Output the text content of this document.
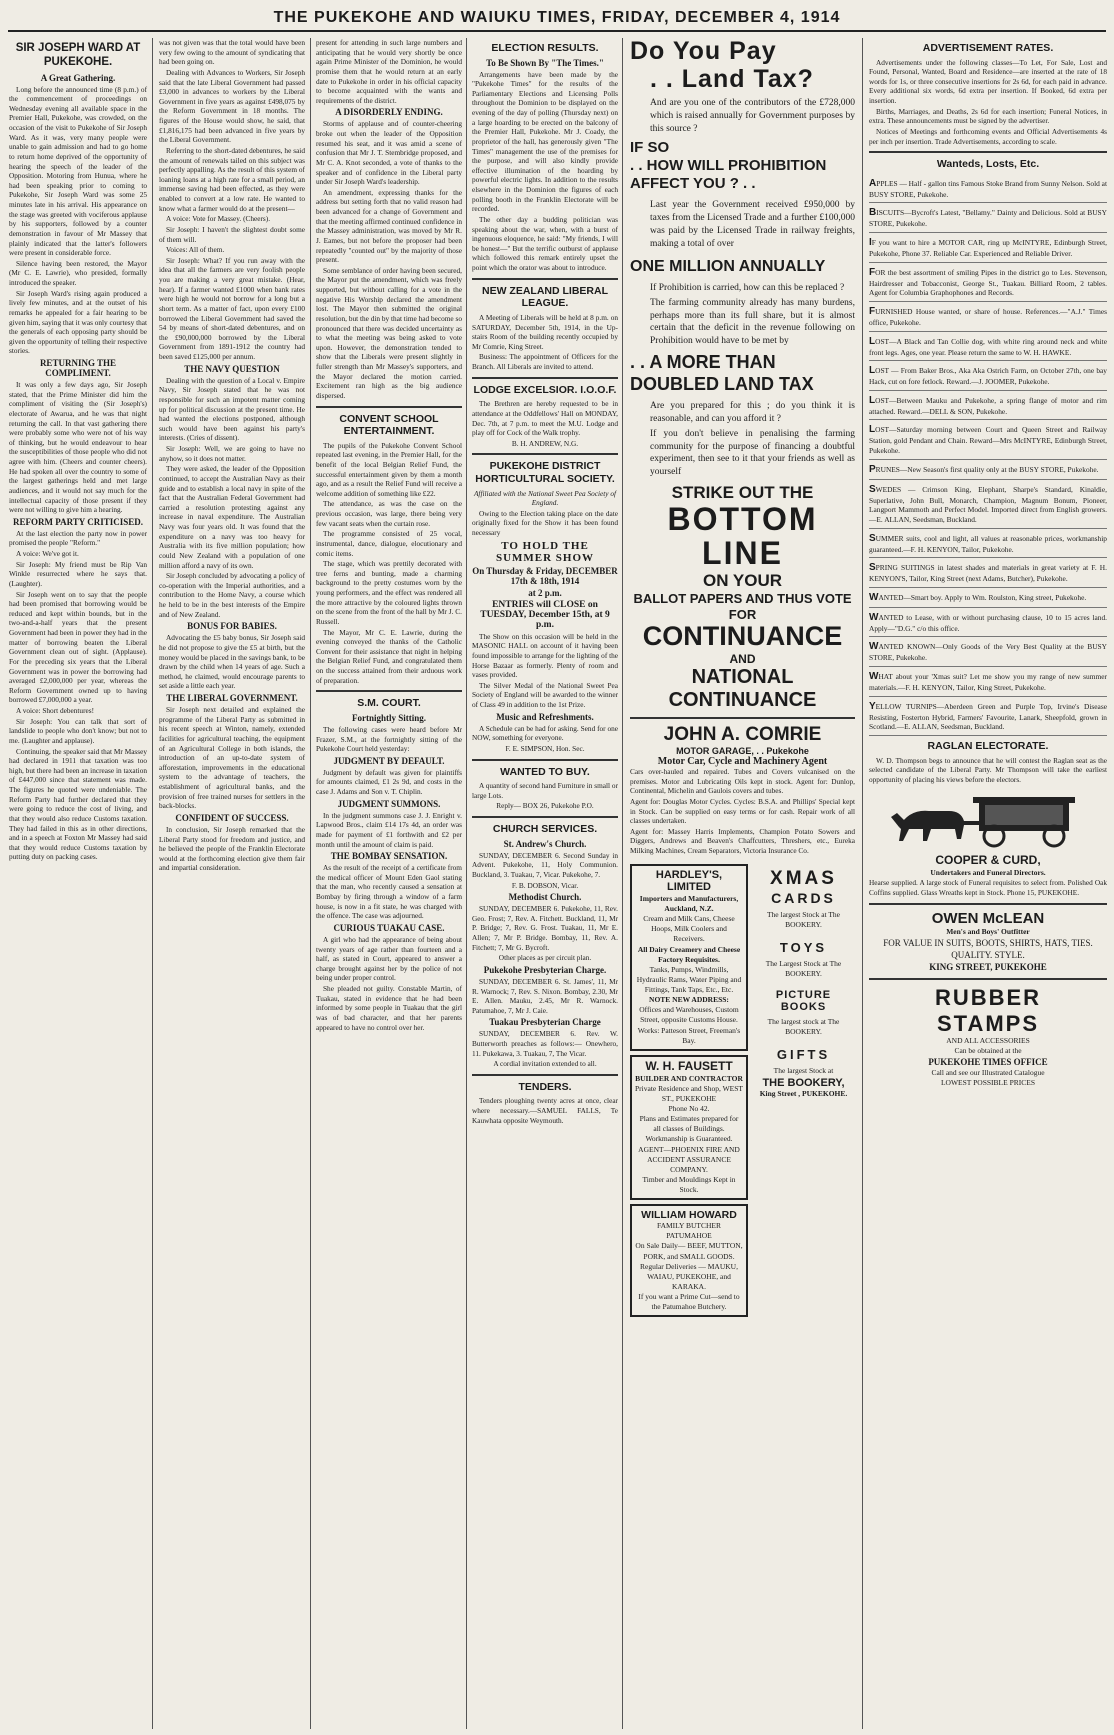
THE PUKEKOHE AND WAIUKU TIMES, FRIDAY, DECEMBER 4, 1914
SIR JOSEPH WARD AT PUKEKOHE.
A Great Gathering.

Long before the announced time (8 p.m.) of the commencement of proceedings on Wednesday evening all available space in the Premier Hall, Pukekohe, was crowded, on the occasion of the visit to Pukekohe of Sir Joseph Ward. As it was, very many people were unable to gain admission and had to go home to return home deprived of the opportunity of hearing the speech of the leader of the Opposition. Motoring from Hunua, where he had been speaking prior to coming to Pukekohe, Sir Joseph Ward was some 25 minutes late in his arrival. His appearance on the stage was greeted with vociferous applause by his supporters, followed by a counter demonstration in favour of Mr Massey that plainly indicated that the latter's followers were present in considerable force.

Silence having been restored, the Mayor (Mr C. E. Lawrie), who presided, formally introduced the speaker.

Sir Joseph Ward's rising again produced a lively few minutes, and at the outset of his remarks he appealed for a fair hearing to be given him, saying that it was only courtesy that the generals of each opposing party should be given the opportunity of telling their respective stories.

RETURNING THE COMPLIMENT.

It was only a few days ago, Sir Joseph stated, that the Prime Minister did him the compliment of visiting the (Sir Joseph's) electorate of Awarua, and he was that night returning the call. In that vast gathering there were probably some who were not of his way of thinking, but he would endeavour to hear the susceptibilities of those people who did not agree with him. (Cheers and counter cheers). He had spoken all over the country to some of the largest gatherings held and met large audiences, and it would not say much for the intellectual capacity of those present if they were not willing to give him a hearing.

REFORM PARTY CRITICISED.

At the last election the party now in power promised the people "Reform."

A voice: We've got it.

Sir Joseph: My friend must be Rip Van Winkle resurrected where he says that. (Laughter).

Sir Joseph went on to say that the people had been promised that borrowing would be reduced and kept within bounds, but in the two-and-a-half years that the present Government had been in power they had in the matter of borrowing beaten the Liberal Government clean out of sight. (Applause). For the preceding six years that the Liberal Government was in power the borrowing had averaged £2,000,000 per year, whereas the Reform Government owned up to having borrowed £7,000,000 a year.

A voice: Short debentures!

Sir Joseph: You can talk that sort of landslide to people who don't know; but not to me. (Laughter and applause).

Continuing, the speaker said that Mr Massey had declared in 1911 that taxation was too high, but there had been an increase in taxation of £447,000 since that statement was made. The figures he quoted were undeniable. The Reform Party had further declared that they were going to reduce the cost of living, and that they would also reduce Customs taxation. They had failed in this as in other directions, and in a speech at Foxton Mr Massey had said that they would reduce Customs taxation by putting duty on packing cases.

was not given was that the total would have been very few owing to the amount of syndicating that had been going on.

Dealing with Advances to Workers, Sir Joseph said that the late Liberal Government had passed £3,000 in advances to workers by the Liberal Government in five years as against £498,075 by the Reform Government in 18 months. The figures of the House would show, he said, that £1,816,175 had been advanced in five years by the Liberal Government.

Referring to the short-dated debentures, he said the amount of renewals tailed on this subject was perfectly appalling. As the result of this system of loaning loans at a high rate for a small period, an immense saving had been effected, as they were enabled to convert at a low rate. He wanted to know what a farmer would do at the present—

A voice: Vote for Massey. (Cheers).

Sir Joseph: I haven't the slightest doubt some of them will.

Voices: All of them.

Sir Joseph: What? If you run away with the idea that all the farmers are very foolish people you are making a very great mistake. (Hear, hear). If a farmer wanted £1000 when bank rates were high he would not borrow for a long but a short term. As a matter of fact, upon every £100 borrowed the Liberal Government had saved the 54 by means of short-dated debentures, and on the £90,000,000 borrowed by the Liberal Government from 1891-1912 the country had been saved £125,000 per annum.

THE NAVY QUESTION

Dealing with the question of a Local v. Empire Navy, Sir Joseph stated that he was not responsible for such an impotent matter coming up for political discussion at the present time. He had wanted the elections postponed, although such would have been against his party's interests. (Cries of dissent).

Sir Joseph: Well, we are going to have no anyhow, so it does not matter.

They were asked, the leader of the Opposition continued, to accept the Australian Navy as their guide and to establish a local navy in spite of the fact that the Australian Federal Government had carried a resolution protesting against any increase in naval expenditure. The Australian Navy was four years old. It was found that the expenditure on a navy was too heavy for Australia with its five million population; how could New Zealand with a population of one million afford a navy of its own.

Sir Joseph concluded by advocating a policy of co-operation with the Imperial authorities, and a contribution to the Home Navy, a course which he held to be in the best interests of the Empire and of New Zealand.

BONUS FOR BABIES.

Advocating the £5 baby bonus, Sir Joseph said he did not propose to give the £5 at birth, but the money would be placed in the savings bank, to be drawn by the child when 14 years of age. Such a method, he claimed, would encourage parents to set aside a little each year.

THE LIBERAL GOVERNMENT.

Sir Joseph next detailed and explained the programme of the Liberal Party as submitted in his recent speech at Winton, namely, extended facilities for agricultural teaching, the equipment of an Agricultural College in both islands, the introduction of an up-to-date system of afforestation, improvements in the educational system to the advantage of teachers, the establishment of agricultural banks, and the provision of free trained nurses for settlers in the back-blocks.

CONFIDENT OF SUCCESS.

In conclusion, Sir Joseph remarked that the Liberal Party stood for freedom and justice, and he believed the people of the Franklin Electorate would at the forthcoming election give them fair and impartial consideration.

present for attending in such large numbers and anticipating that he would very shortly be once again Prime Minister of the Dominion, he would promise them that he would return at an early date to Pukekohe in order in his official capacity to become acquainted with the wants and requirements of the district.

A DISORDERLY ENDING.

Storms of applause and of counter-cheering broke out when the leader of the Opposition resumed his seat, and it was amid a scene of confusion that Mr J. T. Stembridge proposed, and Mr C. A. Knot seconded, a vote of thanks to the speaker and of confidence in the Liberal party under Sir Joseph Ward's leadership.

An amendment, expressing thanks for the address but setting forth that no valid reason had been advanced for a change of Government and that the meeting affirmed continued confidence in the Massey administration, was moved by Mr R. J. Eames, but not before the proposer had been repeatedly "counted out" by the majority of those present.

Some semblance of order having been secured, the Mayor put the amendment, which was freely supported, but without calling for a vote in the negative His Worship declared the amendment lost. The Mayor then submitted the original resolution, but the din by that time had become so pronounced that there was decided uncertainty as to what the meeting was being asked to vote upon. However, the demonstration tended to show that the Liberals were present slightly in fuller strength than Mr Massey's supporters, and the Mayor declared the motion carried. Excitement ran high as the big audience dispersed.

CONVENT SCHOOL ENTERTAINMENT.

The pupils of the Pukekohe Convent School repeated last evening, in the Premier Hall, for the benefit of the local Belgian Relief Fund, the successful entertainment given by them a month ago, and as a result the Relief Fund will receive a welcome addition of something like £22.

The attendance, as was the case on the previous occasion, was large, there being very few vacant seats when the curtain rose.

The programme consisted of 25 vocal, instrumental, dance, dialogue, elocutionary and comic items.

The stage, which was prettily decorated with tree ferns and bunting, made a charming background to the pretty costumes worn by the young performers, and the effect was rendered all the more attractive by the coloured lights thrown on the scene from the front of the hall by Mr J. C. Russell.

The Mayor, Mr C. E. Lawrie, during the evening conveyed the thanks of the Catholic Convent for their assistance that night in helping the Belgian Relief Fund, and congratulated them on the success attained from their arduous work of preparation.

S.M. COURT.
Fortnightly Sitting.

The following cases were heard before Mr Frazer, S.M., at the fortnightly sitting of the Pukekohe Court held yesterday:

JUDGMENT BY DEFAULT.

Judgment by default was given for plaintiffs for amounts claimed, £1 2s 9d, and costs in the case J. Adams and Son v. T. Chiplin.

JUDGMENT SUMMONS.

In the judgment summons case J. J. Enright v. Lapwood Bros., claim £14 17s 4d, an order was made for payment of £1 forthwith and £2 per month until the amount of claim is paid.

THE BOMBAY SENSATION.

As the result of the receipt of a certificate from the medical officer of Mount Eden Gaol stating that the man, who recently caused a sensation at Bombay by firing through a window of a farm house, is now in a fit state, he was charged with the offence. The case was adjourned.

CURIOUS TUAKAU CASE.

A girl who had the appearance of being about twenty years of age rather than fourteen and a half, as stated in Court, appeared to answer a charge brought against her by the police of not being under proper control.

She pleaded not guilty. Constable Martin, of Tuakau, stated in evidence that he had been informed by some people in Tuakau that the girl was of bad character, and that her parents appeared to have no control over her.

ELECTION RESULTS.
To Be Shown By "The Times."

Arrangements have been made by the "Pukekohe Times" for the results of the Parliamentary Elections and Licensing Polls throughout the Dominion to be displayed on the evening of the day of polling (Thursday next) on a large hoarding to be erected on the balcony of the Premier Hall, Pukekohe. Mr J. Coady, the proprietor of the hall, has generously given "The Times" management the use of the premises for the purpose, and will also kindly provide effective illumination of the hoarding by powerful electric lights. In addition to the results elsewhere in the Dominion the figures of each polling booth in the Franklin Electorate will be recorded.

The other day a budding politician was speaking about the war, when, with a burst of ingenuous eloquence, he said: "My friends, I will be honest—" But the terrific outburst of applause which followed this remark entirely upset the point which the orator was about to introduce.

NEW ZEALAND LIBERAL LEAGUE.

A Meeting of Liberals will be held at 8 p.m. on SATURDAY, December 5th, 1914, in the Up-stairs Room of the building recently occupied by Mr Comrie, King Street.

Business: The appointment of Officers for the Branch. All Liberals are invited to attend.

LODGE EXCELSIOR. I.O.O.F.

The Brethren are hereby requested to be in attendance at the Oddfellows' Hall on MONDAY, Dec. 7th, at 7 p.m. to meet the M.U. Lodge and play off for Cock of the Walk trophy.

B. H. ANDREW, N.G.

PUKEKOHE DISTRICT HORTICULTURAL SOCIETY.

Affiliated with the National Sweet Pea Society of England.

Owing to the Election taking place on the date originally fixed for the Show it has been found necessary

TO HOLD THE SUMMER SHOW
On Thursday & Friday, DECEMBER 17th & 18th, 1914
at 2 p.m.
ENTRIES will CLOSE on TUESDAY, December 15th, at 9 p.m.

The Show on this occasion will be held in the MASONIC HALL on account of it having been found impossible to arrange for the lighting of the Horse Bazaar as formerly. Plenty of room and vases provided.

The Silver Medal of the National Sweet Pea Society of England will be awarded to the winner of Class 49 in addition to the 1st Prize.

Music and Refreshments.

A Schedule can be had for asking. Send for one NOW, something for everyone.

F. E. SIMPSON, Hon. Sec.

WANTED TO BUY.

A quantity of second hand Furniture in small or large Lots.

Reply— BOX 26, Pukekohe P.O.

CHURCH SERVICES.
St. Andrew's Church.

SUNDAY, DECEMBER 6. Second Sunday in Advent. Pukekohe, 11, Holy Communion. Buckland, 3. Tuakau, 7, Vicar. Pukekohe, 7.

F. B. DOBSON, Vicar.

Methodist Church.

SUNDAY, DECEMBER 6. Pukekohe, 11, Rev. Geo. Frost; 7, Rev. A. Fitchett. Buckland, 11, Mr P. Bridge; 7, Rev. G. Frost. Tuakau, 11, Mr E. Allen; 7, Mr P. Bridge. Bombay, 11, Rev. A. Fitchett; 7, Mr G. Bycroft.

Other places as per circuit plan.

Pukekohe Presbyterian Charge.

SUNDAY, DECEMBER 6. St. James', 11, Mr R. Warnock; 7, Rev. S. Nixon. Bombay, 2.30, Mr E. Allen. Mauku, 2.45, Mr R. Warnock. Patumahoe, 7, Mr J. Caie.

Tuakau Presbyterian Charge

SUNDAY, DECEMBER 6. Rev. W. Butterworth preaches as follows:— Onewhero, 11. Pukekawa, 3. Tuakau, 7, The Vicar.

A cordial invitation extended to all.

TENDERS.

Tenders ploughing twenty acres at once, clear where necessary.—SAMUEL FALLS, Te Kauwhata opposite Weymouth.

Do You Pay
. . Land Tax?

And are you one of the contributors of the £728,000 which is raised annually for Government purposes by this source ?

IF SO
. . HOW WILL PROHIBITION
AFFECT YOU ? . .

Last year the Government received £950,000 by taxes from the Licensed Trade and a further £100,000 was paid by the Licensed Trade in railway freights, making a total of over

ONE MILLION ANNUALLY

If Prohibition is carried, how can this be replaced ?

The farming community already has many burdens, perhaps more than its full share, but it is almost certain that the deficit in the revenue following on Prohibition would have to be met by

. . A MORE THAN
DOUBLED LAND TAX

Are you prepared for this ; do you think it is reasonable, and can you afford it ?

If you don't believe in penalising the farming community for the purpose of financing a doubtful experiment, then see to it that your friends as well as yourself

STRIKE OUT THE
BOTTOM LINE
ON YOUR
BALLOT PAPERS AND THUS VOTE FOR
CONTINUANCE
AND
NATIONAL CONTINUANCE
JOHN A. COMRIE
MOTOR GARAGE, . . Pukekohe
Motor Car, Cycle and Machinery Agent

Cars over-hauled and repaired. Tubes and Covers vulcanised on the premises. Motor and Lubricating Oils kept in stock. Agent for: Dunlop, Continental, Michelin and Gaulois covers and tubes.

Agent for: Douglas Motor Cycles. Cycles: B.S.A. and Phillips' Special kept in Stock. Can be supplied on easy terms or for cash. Repair work of all classes undertaken.

Agent for: Massey Harris Implements, Champion Potato Sowers and Diggers, Andrews and Beaven's Chaffcutters, Threshers, etc., Eureka Milking Machines, Cream Separators, Victoria Insurance Co.

HARDLEY'S, LIMITED
Importers and Manufacturers, Auckland, N.Z.
Cream and Milk Cans, Cheese Hoops, Milk Coolers and Receivers.
All Dairy Creamery and Cheese Factory Requisites.
Tanks, Pumps, Windmills, Hydraulic Rams, Water Piping and Fittings, Tank Taps, Etc., Etc.
NOTE NEW ADDRESS:
Offices and Warehouses, Custom Street, opposite Customs House. Works: Patteson Street, Freeman's Bay.
W. H. FAUSETT
BUILDER AND CONTRACTOR
Private Residence and Shop, WEST ST., PUKEKOHE
Phone No 42.
Plans and Estimates prepared for all classes of Buildings. Workmanship is Guaranteed.
AGENT—PHOENIX FIRE AND ACCIDENT ASSURANCE COMPANY.
Timber and Mouldings Kept in Stock.
WILLIAM HOWARD
FAMILY BUTCHER
PATUMAHOE
On Sale Daily— BEEF, MUTTON, PORK, and SMALL GOODS.
Regular Deliveries — MAUKU, WAIAU, PUKEKOHE, and KARAKA.
If you want a Prime Cut—send to the Patumahoe Butchery.
XMAS
CARDS
The largest Stock at The BOOKERY.
TOYS
The Largest Stock at The BOOKERY.
PICTURE BOOKS
The largest stock at The BOOKERY.
GIFTS
The largest Stock at
THE BOOKERY,
King Street , PUKEKOHE.
ADVERTISEMENT RATES.

Advertisements under the following classes—To Let, For Sale, Lost and Found, Personal, Wanted, Board and Residence—are inserted at the rate of 18 words for 1s, or three consecutive insertions for 2s 6d, for each paid in advance. Every additional six words, 6d extra per insertion. If Booked, 6d extra per insertion.

Births, Marriages, and Deaths, 2s 6d for each insertion; Funeral Notices, in extra. These announcements must be signed by the advertiser.

Notices of Meetings and forthcoming events and Official Advertisements 4s per inch per insertion. Trade Advertisements, according to scale.

Wanteds, Losts, Etc.

APPLES — Half - gallon tins Famous Stoke Brand from Sunny Nelson. Sold at BUSY STORE, Pukekohe.

BISCUITS—Bycroft's Latest, "Bellamy." Dainty and Delicious. Sold at BUSY STORE, Pukekohe.

IF you want to hire a MOTOR CAR, ring up McINTYRE, Edinburgh Street, Pukekohe, Phone 37. Reliable Car. Experienced and Reliable Driver.

FOR the best assortment of smiling Pipes in the district go to Les. Stevenson, Hairdresser and Tobacconist, George St., Tuakau. Billiard Room, 2 tables. Agent for Columbia Graphophones and Records.

FURNISHED House wanted, or share of house. References.—"A.J." Times office, Pukekohe.

LOST—A Black and Tan Collie dog, with white ring around neck and white front legs. Ages, one year. Please return the same to W. H. HAWKE.

LOST — From Baker Bros., Aka Aka Ostrich Farm, on October 27th, one bay Hack, cut on fore fetlock. Reward.—J. JOOMER, Pukekohe.

LOST—Between Mauku and Pukekohe, a spring flange of motor and rim attached. Reward.—DELL & SON, Pukekohe.

LOST—Saturday morning between Court and Queen Street and Railway Station, gold Pendant and Chain. Reward—Mrs McINTYRE, Edinburgh Street, Pukekohe.

PRUNES—New Season's first quality only at the BUSY STORE, Pukekohe.

SWEDES — Crimson King, Elephant, Sharpe's Standard, Kinaldie, Superlative, John Bull, Monarch, Champion, Magnum Bonum, Pioneer, Langport Mammoth and Perfect Model. Imported direct from English growers.—E. ALLAN, Seedsman, Buckland.

SUMMER suits, cool and light, all values at reasonable prices, workmanship guaranteed.—F. H. KENYON, Tailor, Pukekohe.

SPRING SUITINGS in latest shades and materials in great variety at F. H. KENYON'S, Tailor, King Street (next Adams, Butcher), Pukekohe.

WANTED—Smart boy. Apply to Wm. Roulston, King street, Pukekohe.

WANTED to Lease, with or without purchasing clause, 10 to 15 acres land. Apply—"D.G." c/o this office.

WANTED KNOWN—Only Goods of the Very Best Quality at the BUSY STORE, Pukekohe.

WHAT about your 'Xmas suit? Let me show you my range of new summer materials.—F. H. KENYON, Tailor, King Street, Pukekohe.

YELLOW TURNIPS—Aberdeen Green and Purple Top, Irvine's Disease Resisting, Fosterton Hybrid, Farmers' Favourite, Lanark, Sheepfold, grown in Scotland.—E. ALLAN, Seedsman, Buckland.

RAGLAN ELECTORATE.

W. D. Thompson begs to announce that he will contest the Raglan seat as the selected candidate of the Liberal Party. Mr Thompson will take the earliest opportunity of placing his views before the electors.

COOPER & CURD,
Undertakers and Funeral Directors.

Hearse supplied. A large stock of Funeral requisites to select from. Polished Oak Coffins supplied. Glass Wreaths kept in Stock. Phone 15, PUKEKOHE.

OWEN McLEAN
Men's and Boys' Outfitter
FOR VALUE IN SUITS, BOOTS, SHIRTS, HATS, TIES. QUALITY. STYLE.
KING STREET, PUKEKOHE
RUBBER
STAMPS
AND ALL ACCESSORIES
Can be obtained at the
PUKEKOHE TIMES OFFICE
Call and see our Illustrated Catalogue
LOWEST POSSIBLE PRICES
